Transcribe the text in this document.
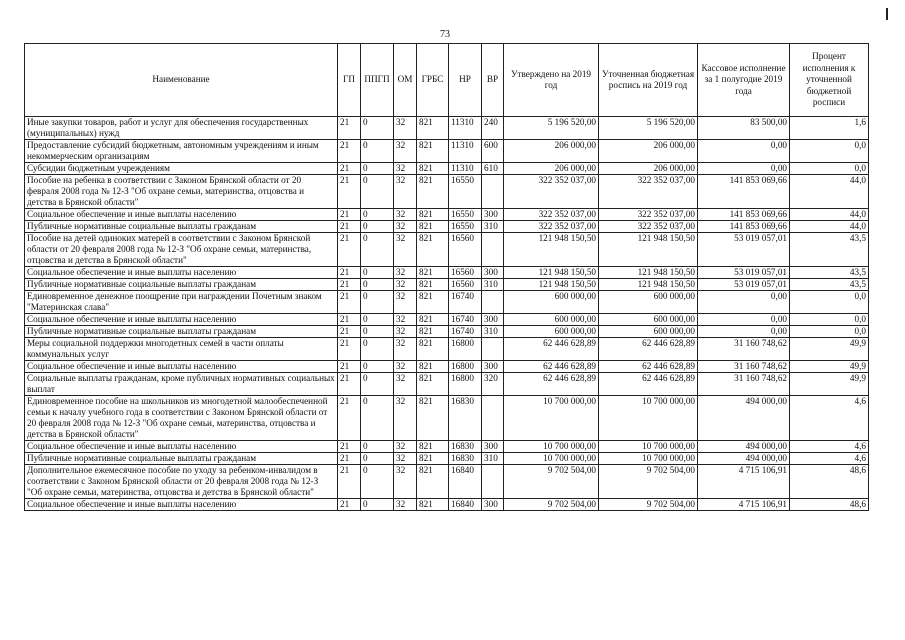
73
Наименование	ГП	ППГП	ОМ	ГРБС	НР	ВР	Утверждено на 2019 год	Уточненная бюджетная роспись на 2019 год	Кассовое исполнение за 1 полугодие 2019 года	Процент исполнения к уточненной бюджетной росписи
Иные закупки товаров, работ и услуг для обеспечения государственных (муниципальных) нужд	21	0	32	821	11310	240	5 196 520,00	5 196 520,00	83 500,00	1,6
Предоставление субсидий бюджетным, автономным учреждениям и иным некоммерческим организациям	21	0	32	821	11310	600	206 000,00	206 000,00	0,00	0,0
Субсидии бюджетным учреждениям	21	0	32	821	11310	610	206 000,00	206 000,00	0,00	0,0
Пособие на ребенка в соответствии с Законом Брянской области от 20 февраля 2008 года № 12-З "Об охране семьи, материнства, отцовства и детства в Брянской области"	21	0	32	821	16550		322 352 037,00	322 352 037,00	141 853 069,66	44,0
Социальное обеспечение и иные выплаты населению	21	0	32	821	16550	300	322 352 037,00	322 352 037,00	141 853 069,66	44,0
Публичные нормативные социальные выплаты гражданам	21	0	32	821	16550	310	322 352 037,00	322 352 037,00	141 853 069,66	44,0
Пособие на детей одиноких матерей в соответствии с Законом Брянской области от 20 февраля 2008 года № 12-З "Об охране семьи, материнства, отцовства и детства в Брянской области"	21	0	32	821	16560		121 948 150,50	121 948 150,50	53 019 057,01	43,5
Социальное обеспечение и иные выплаты населению	21	0	32	821	16560	300	121 948 150,50	121 948 150,50	53 019 057,01	43,5
Публичные нормативные социальные выплаты гражданам	21	0	32	821	16560	310	121 948 150,50	121 948 150,50	53 019 057,01	43,5
Единовременное денежное поощрение при награждении Почетным знаком "Материнская слава"	21	0	32	821	16740		600 000,00	600 000,00	0,00	0,0
Социальное обеспечение и иные выплаты населению	21	0	32	821	16740	300	600 000,00	600 000,00	0,00	0,0
Публичные нормативные социальные выплаты гражданам	21	0	32	821	16740	310	600 000,00	600 000,00	0,00	0,0
Меры социальной поддержки многодетных семей в части оплаты коммунальных услуг	21	0	32	821	16800		62 446 628,89	62 446 628,89	31 160 748,62	49,9
Социальное обеспечение и иные выплаты населению	21	0	32	821	16800	300	62 446 628,89	62 446 628,89	31 160 748,62	49,9
Социальные выплаты гражданам, кроме публичных нормативных социальных выплат	21	0	32	821	16800	320	62 446 628,89	62 446 628,89	31 160 748,62	49,9
Единовременное пособие на школьников из многодетной малообеспеченной семьи к началу учебного года в соответствии с Законом Брянской области от 20 февраля 2008 года № 12-З "Об охране семьи, материнства, отцовства и детства в Брянской области"	21	0	32	821	16830		10 700 000,00	10 700 000,00	494 000,00	4,6
Социальное обеспечение и иные выплаты населению	21	0	32	821	16830	300	10 700 000,00	10 700 000,00	494 000,00	4,6
Публичные нормативные социальные выплаты гражданам	21	0	32	821	16830	310	10 700 000,00	10 700 000,00	494 000,00	4,6
Дополнительное ежемесячное пособие по уходу за ребенком-инвалидом в соответствии с Законом Брянской области от 20 февраля 2008 года № 12-З "Об охране семьи, материнства, отцовства и детства в Брянской области"	21	0	32	821	16840		9 702 504,00	9 702 504,00	4 715 106,91	48,6
Социальное обеспечение и иные выплаты населению	21	0	32	821	16840	300	9 702 504,00	9 702 504,00	4 715 106,91	48,6
